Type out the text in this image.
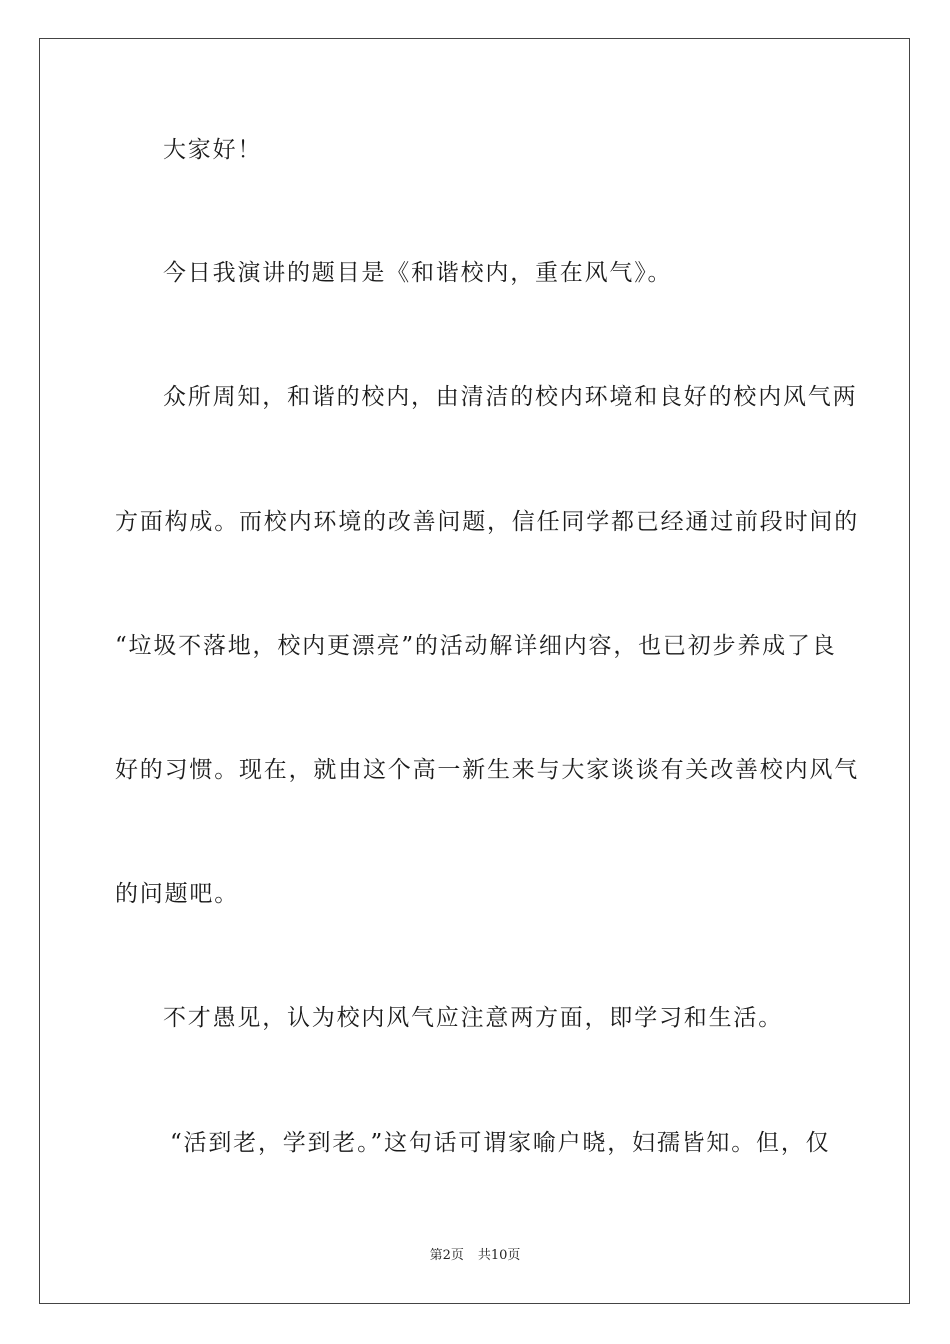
大家好！
今日我演讲的题目是《和谐校内，重在风气》。
众所周知，和谐的校内，由清洁的校内环境和良好的校内风气两
方面构成。而校内环境的改善问题，信任同学都已经通过前段时间的
“垃圾不落地，校内更漂亮”的活动解详细内容，也已初步养成了良
好的习惯。现在，就由这个高一新生来与大家谈谈有关改善校内风气
的问题吧。
不才愚见，认为校内风气应注意两方面，即学习和生活。
“活到老，学到老。”这句话可谓家喻户晓，妇孺皆知。但，仅
第2页 共10页
